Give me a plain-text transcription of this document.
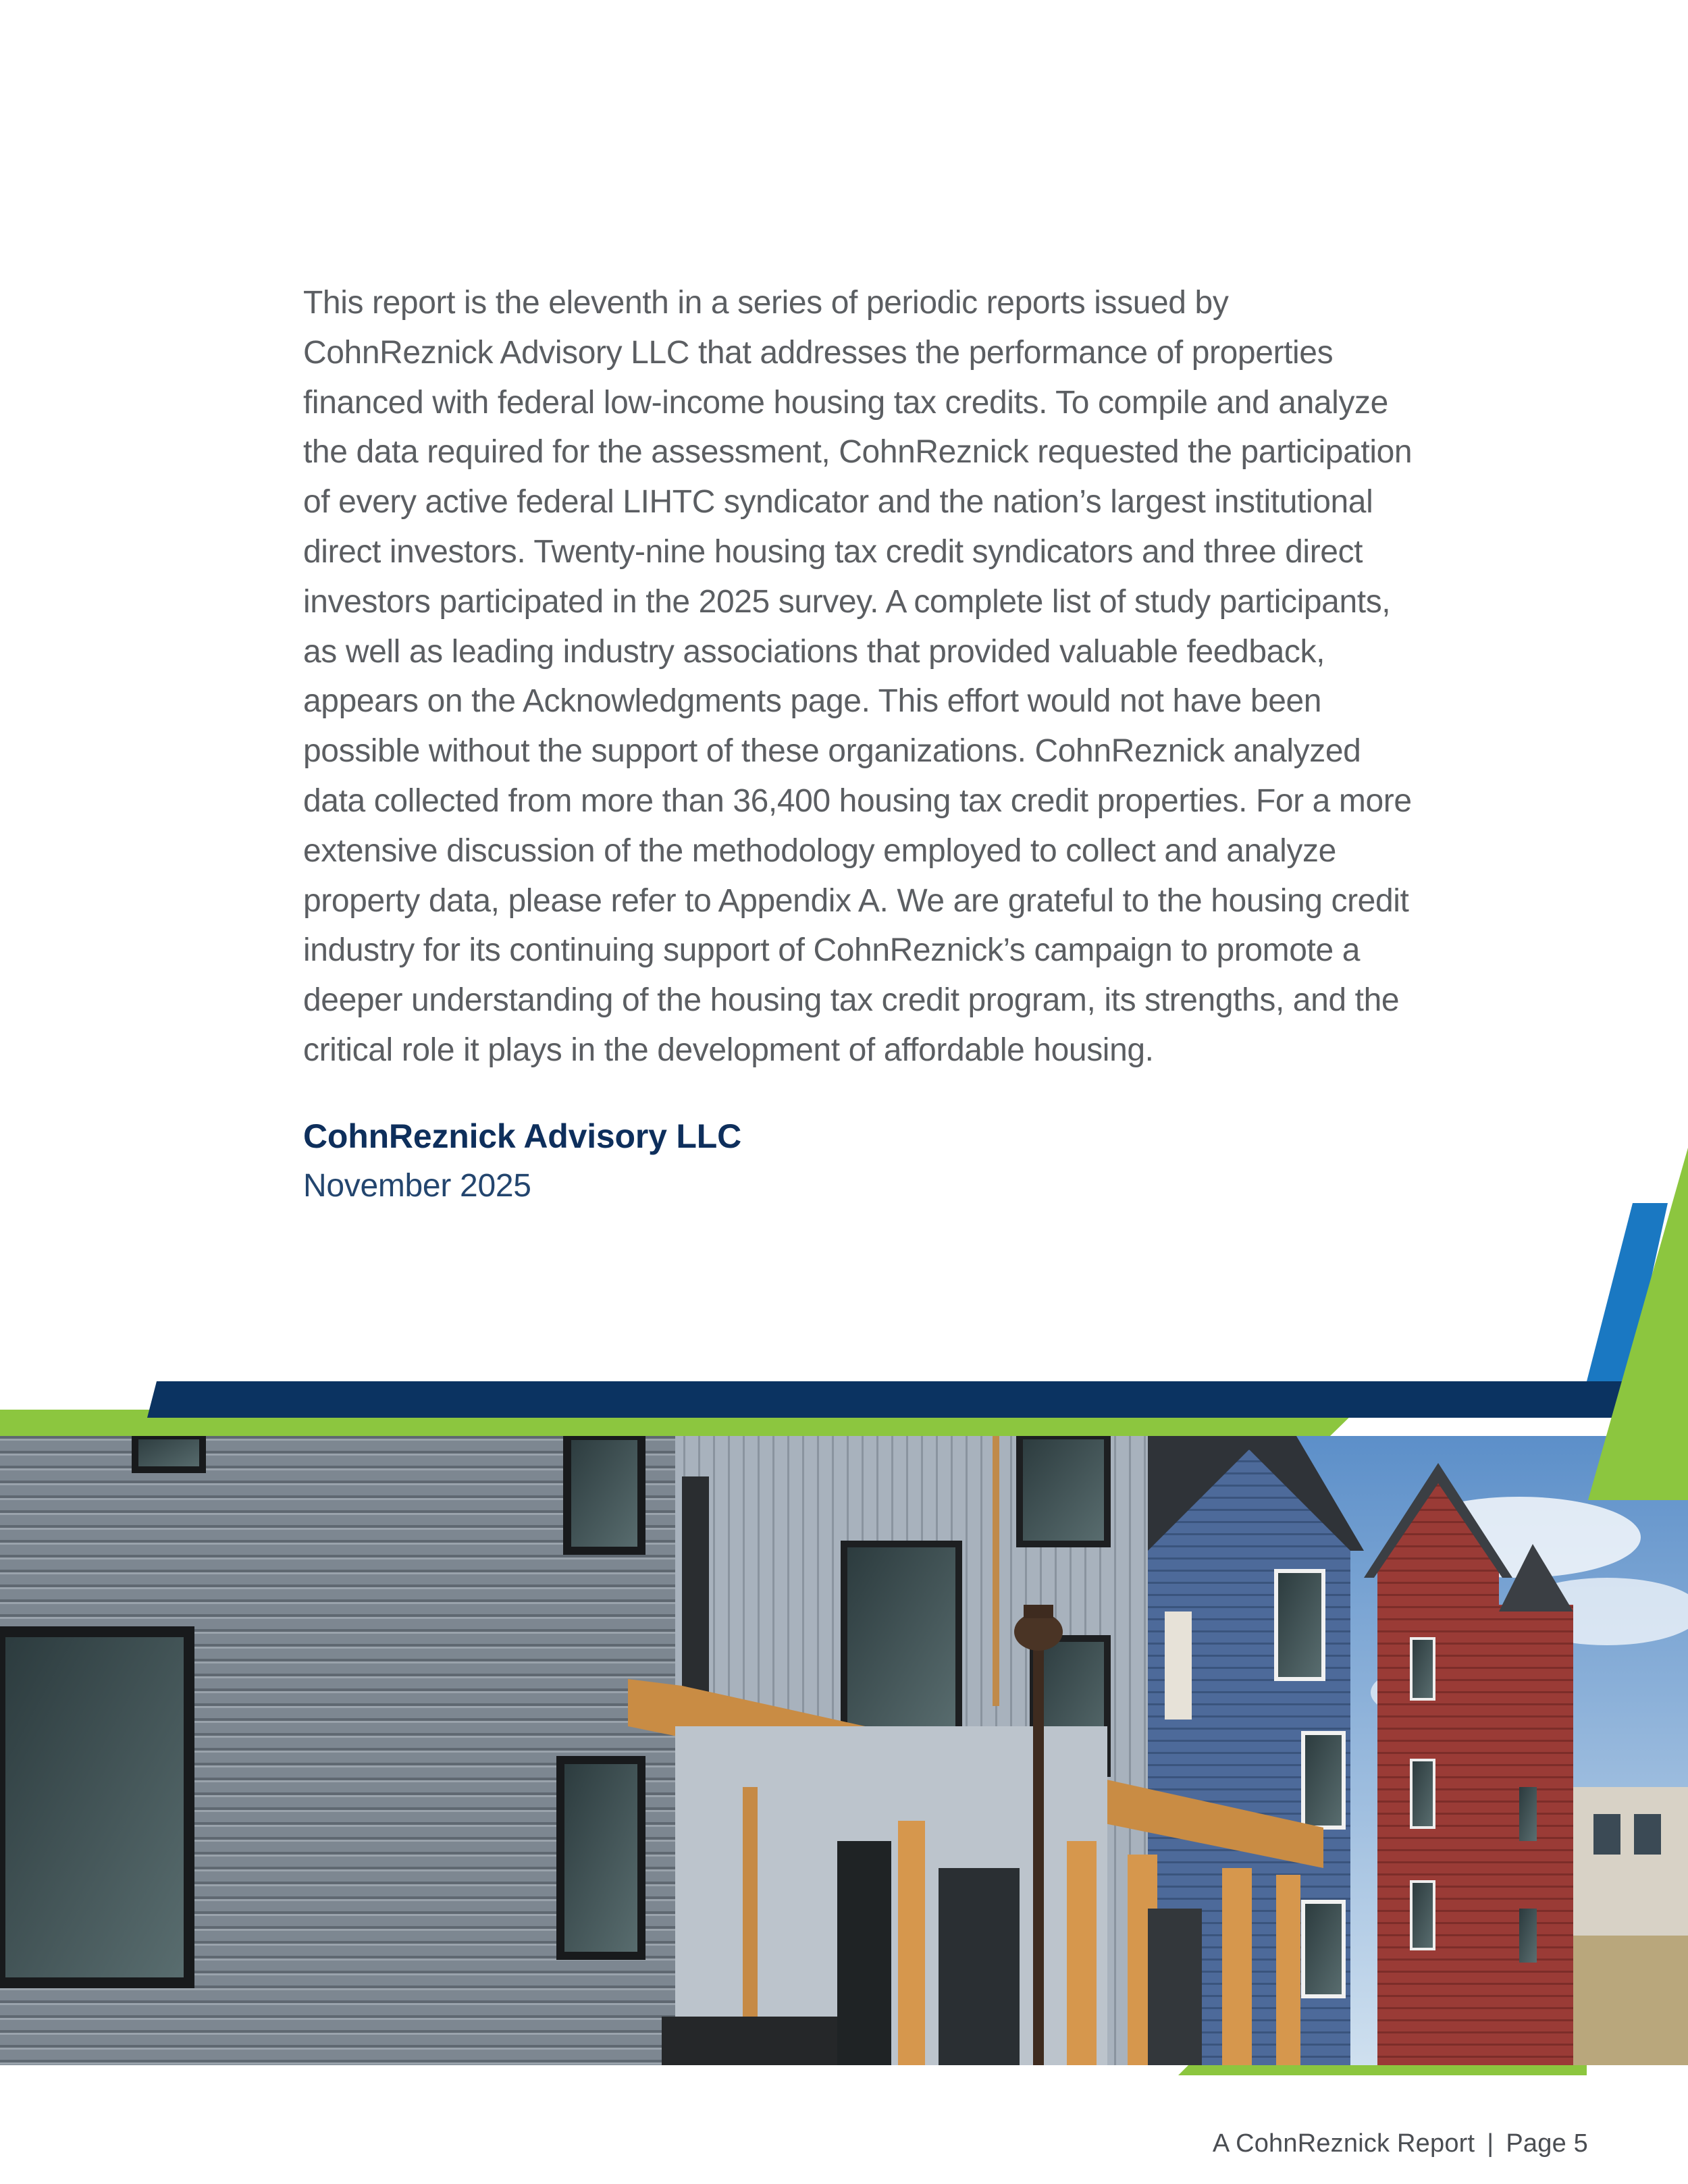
This report is the eleventh in a series of periodic reports issued by CohnReznick Advisory LLC that addresses the performance of properties financed with federal low-income housing tax credits. To compile and analyze the data required for the assessment, CohnReznick requested the participation of every active federal LIHTC syndicator and the nation’s largest institutional direct investors. Twenty-nine housing tax credit syndicators and three direct investors participated in the 2025 survey. A complete list of study participants, as well as leading industry associations that provided valuable feedback, appears on the Acknowledgments page. This effort would not have been possible without the support of these organizations. CohnReznick analyzed data collected from more than 36,400 housing tax credit properties. For a more extensive discussion of the methodology employed to collect and analyze property data, please refer to Appendix A. We are grateful to the housing credit industry for its continuing support of CohnReznick’s campaign to promote a deeper understanding of the housing tax credit program, its strengths, and the critical role it plays in the development of affordable housing.

CohnReznick Advisory LLC

November 2025

A CohnReznick Report | Page 5
